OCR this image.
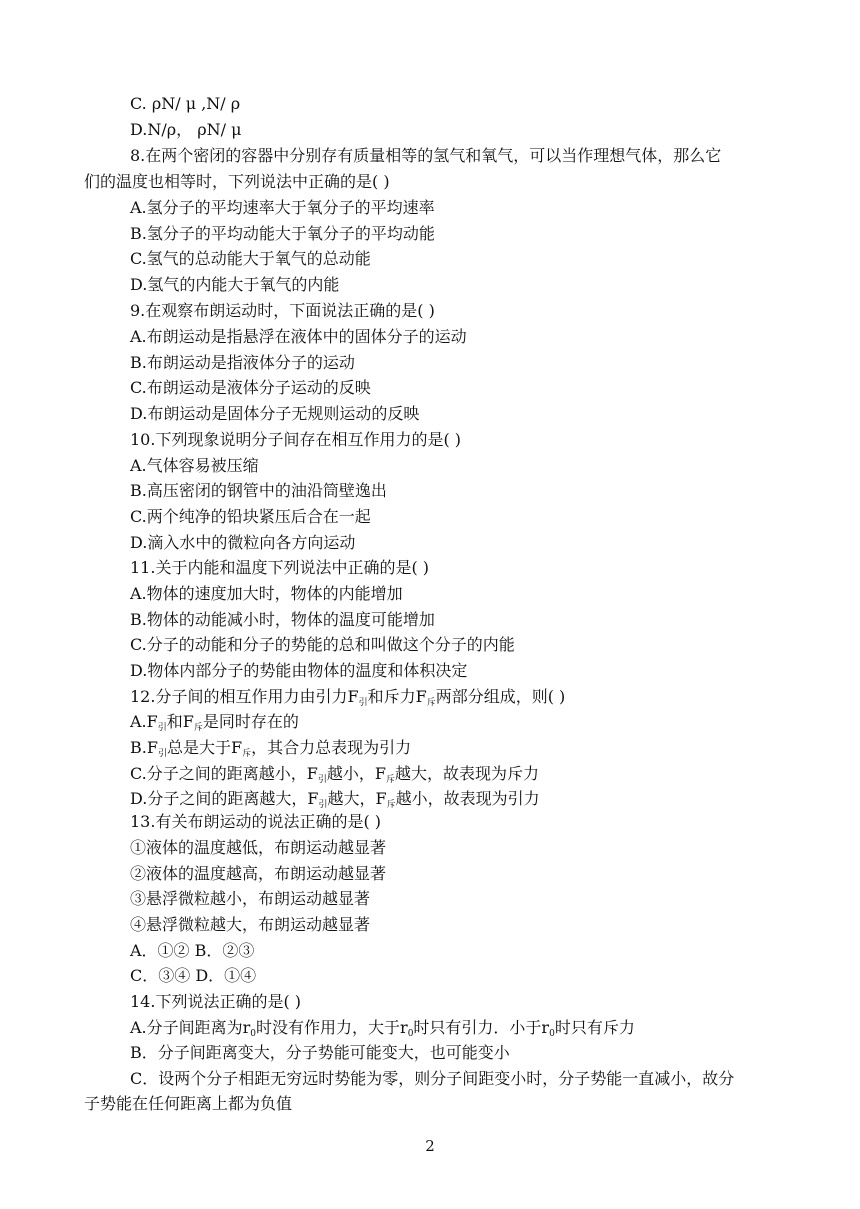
C. ρN/ μ ,N/ ρ
D.N/ρ， ρN/ μ
8.在两个密闭的容器中分别存有质量相等的氢气和氧气，可以当作理想气体，那么它
们的温度也相等时，下列说法中正确的是( )
A.氢分子的平均速率大于氧分子的平均速率
B.氢分子的平均动能大于氧分子的平均动能
C.氢气的总动能大于氧气的总动能
D.氢气的内能大于氧气的内能
9.在观察布朗运动时，下面说法正确的是( )
A.布朗运动是指悬浮在液体中的固体分子的运动
B.布朗运动是指液体分子的运动
C.布朗运动是液体分子运动的反映
D.布朗运动是固体分子无规则运动的反映
10.下列现象说明分子间存在相互作用力的是( )
A.气体容易被压缩
B.高压密闭的钢管中的油沿筒壁逸出
C.两个纯净的铅块紧压后合在一起
D.滴入水中的微粒向各方向运动
11.关于内能和温度下列说法中正确的是( )
A.物体的速度加大时，物体的内能增加
B.物体的动能减小时，物体的温度可能增加
C.分子的动能和分子的势能的总和叫做这个分子的内能
D.物体内部分子的势能由物体的温度和体积决定
12.分子间的相互作用力由引力$F_引$和斥力$F_斥$两部分组成，则( )
$A.F_引$和$F_斥$是同时存在的
$B.F_引$总是大于$F_斥$，其合力总表现为引力
C.分子之间的距离越小，$F_引$越小，$F_斥$越大，故表现为斥力
D.分子之间的距离越大，$F_引$越大，$F_斥$越小，故表现为引力
13.有关布朗运动的说法正确的是( )
①液体的温度越低，布朗运动越显著
②液体的温度越高，布朗运动越显著
③悬浮微粒越小，布朗运动越显著
④悬浮微粒越大，布朗运动越显著
A．①② B．②③
C．③④ D．①④
14.下列说法正确的是( )
A.分子间距离为$r_0$时没有作用力，大于$r_0$时只有引力．小于$r_0$时只有斥力
B．分子间距离变大，分子势能可能变大，也可能变小
C．设两个分子相距无穷远时势能为零，则分子间距变小时，分子势能一直减小，故分
子势能在任何距离上都为负值
2
